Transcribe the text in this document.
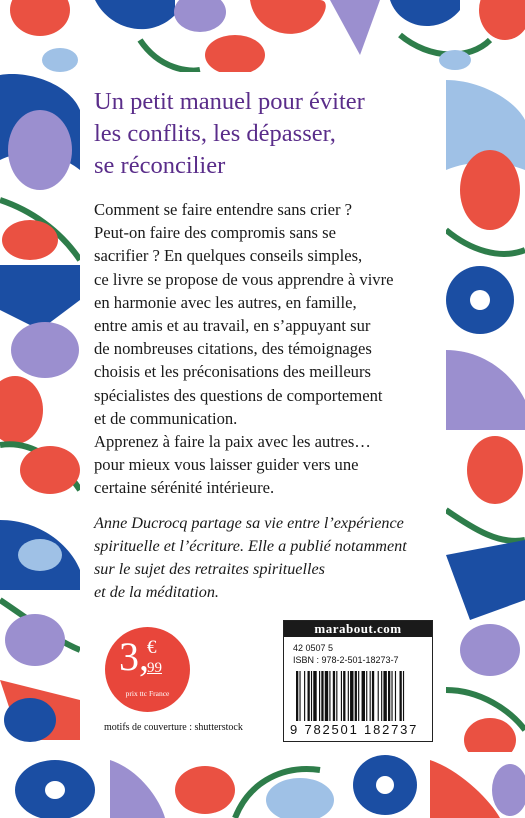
Un petit manuel pour éviter
les conflits, les dépasser,
se réconcilier

Comment se faire entendre sans crier ?
Peut-on faire des compromis sans se
sacrifier ? En quelques conseils simples,
ce livre se propose de vous apprendre à vivre
en harmonie avec les autres, en famille,
entre amis et au travail, en s’appuyant sur
de nombreuses citations, des témoignages
choisis et les préconisations des meilleurs
spécialistes des questions de comportement
et de communication.
Apprenez à faire la paix avec les autres…
pour mieux vous laisser guider vers une
certaine sérénité intérieure.

Anne Ducrocq partage sa vie entre l’expérience
spirituelle et l’écriture. Elle a publié notamment
sur le sujet des retraites spirituelles
et de la méditation.

3,
€
99
prix ttc France
motifs de couverture : shutterstock
marabout.com
42 0507 5
ISBN : 978-2-501-18273-7
9 782501 182737
